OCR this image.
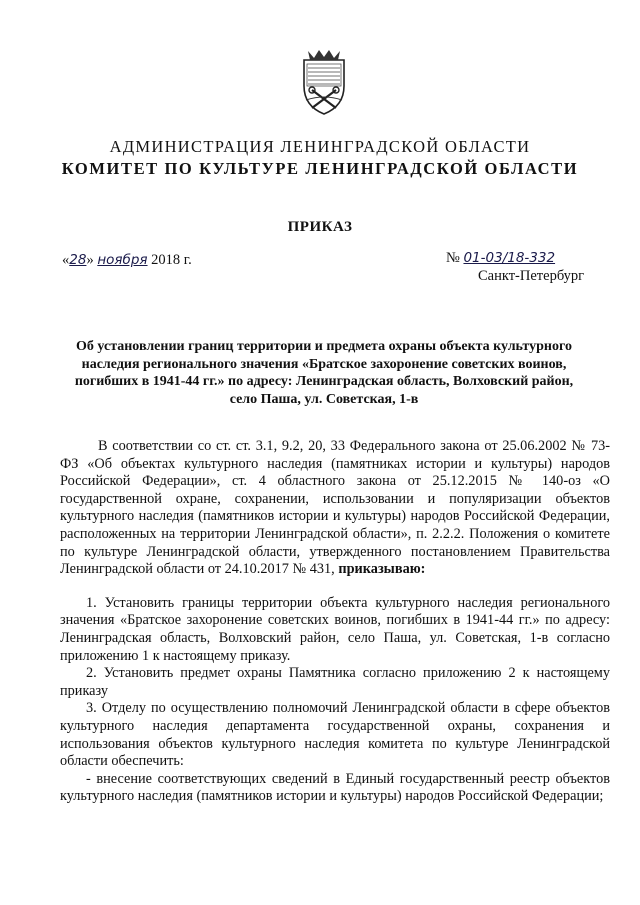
АДМИНИСТРАЦИЯ ЛЕНИНГРАДСКОЙ ОБЛАСТИ
КОМИТЕТ ПО КУЛЬТУРЕ ЛЕНИНГРАДСКОЙ ОБЛАСТИ
ПРИКАЗ
«28» ноября 2018 г.	№ 01-03/18-332
Санкт-Петербург
Об установлении границ территории и предмета охраны объекта культурного наследия регионального значения «Братское захоронение советских воинов, погибших в 1941-44 гг.» по адресу: Ленинградская область, Волховский район, село Паша, ул. Советская, 1-в

В соответствии со ст. ст. 3.1, 9.2, 20, 33 Федерального закона от 25.06.2002 № 73-ФЗ «Об объектах культурного наследия (памятниках истории и культуры) народов Российской Федерации», ст. 4 областного закона от 25.12.2015 № 140-оз «О государственной охране, сохранении, использовании и популяризации объектов культурного наследия (памятников истории и культуры) народов Российской Федерации, расположенных на территории Ленинградской области», п. 2.2.2. Положения о комитете по культуре Ленинградской области, утвержденного постановлением Правительства Ленинградской области от 24.10.2017 № 431, приказываю:

1. Установить границы территории объекта культурного наследия регионального значения «Братское захоронение советских воинов, погибших в 1941-44 гг.» по адресу: Ленинградская область, Волховский район, село Паша, ул. Советская, 1-в согласно приложению 1 к настоящему приказу.

2. Установить предмет охраны Памятника согласно приложению 2 к настоящему приказу

3. Отделу по осуществлению полномочий Ленинградской области в сфере объектов культурного наследия департамента государственной охраны, сохранения и использования объектов культурного наследия комитета по культуре Ленинградской области обеспечить:

- внесение соответствующих сведений в Единый государственный реестр объектов культурного наследия (памятников истории и культуры) народов Российской Федерации;
